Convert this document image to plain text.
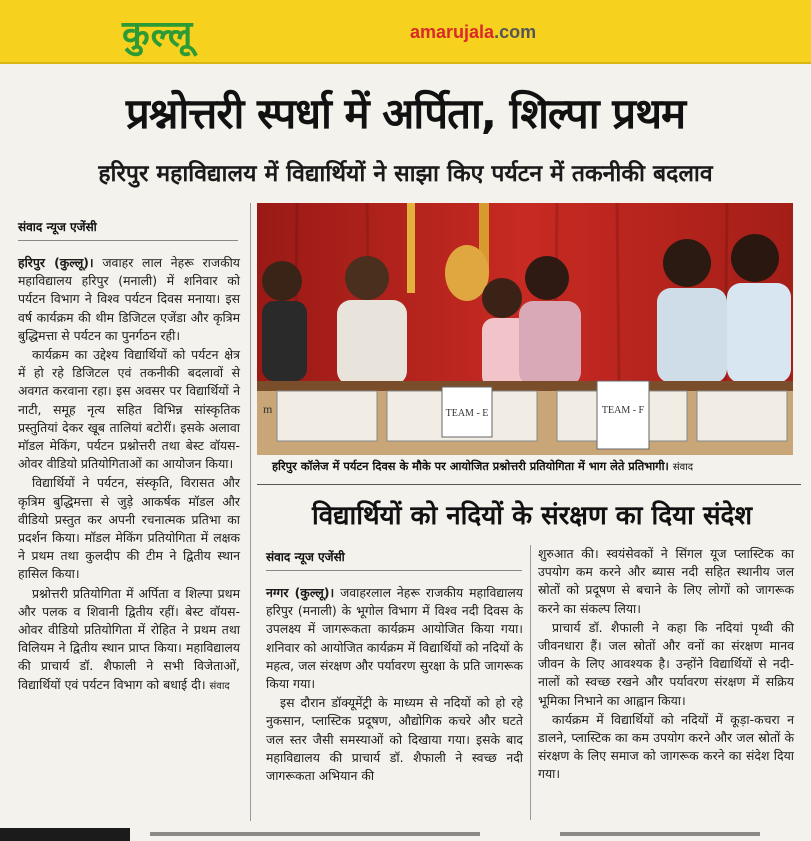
कुल्लू	amarujala.com
प्रश्नोत्तरी स्पर्धा में अर्पिता, शिल्पा प्रथम
हरिपुर महाविद्यालय में विद्यार्थियों ने साझा किए पर्यटन में तकनीकी बदलाव
संवाद न्यूज एजेंसी

हरिपुर (कुल्लू)। जवाहर लाल नेहरू राजकीय महाविद्यालय हरिपुर (मनाली) में शनिवार को पर्यटन विभाग ने विश्व पर्यटन दिवस मनाया। इस वर्ष कार्यक्रम की थीम डिजिटल एजेंडा और कृत्रिम बुद्धिमत्ता से पर्यटन का पुनर्गठन रही।

कार्यक्रम का उद्देश्य विद्यार्थियों को पर्यटन क्षेत्र में हो रहे डिजिटल एवं तकनीकी बदलावों से अवगत करवाना रहा। इस अवसर पर विद्यार्थियों ने नाटी, समूह नृत्य सहित विभिन्न सांस्कृतिक प्रस्तुतियां देकर खूब तालियां बटोरीं। इसके अलावा मॉडल मेकिंग, पर्यटन प्रश्नोत्तरी तथा बेस्ट वॉयस-ओवर वीडियो प्रतियोगिताओं का आयोजन किया।

विद्यार्थियों ने पर्यटन, संस्कृति, विरासत और कृत्रिम बुद्धिमत्ता से जुड़े आकर्षक मॉडल और वीडियो प्रस्तुत कर अपनी रचनात्मक प्रतिभा का प्रदर्शन किया। मॉडल मेकिंग प्रतियोगिता में लक्षक ने प्रथम तथा कुलदीप की टीम ने द्वितीय स्थान हासिल किया।

प्रश्नोत्तरी प्रतियोगिता में अर्पिता व शिल्पा प्रथम और पलक व शिवानी द्वितीय रहीं। बेस्ट वॉयस-ओवर वीडियो प्रतियोगिता में रोहित ने प्रथम तथा विलियम ने द्वितीय स्थान प्राप्त किया। महाविद्यालय की प्राचार्य डॉ. शैफाली ने सभी विजेताओं, विद्यार्थियों एवं पर्यटन विभाग को बधाई दी। संवाद

TEAM - E	TEAM - F
m
हरिपुर कॉलेज में पर्यटन दिवस के मौके पर आयोजित प्रश्नोत्तरी प्रतियोगिता में भाग लेते प्रतिभागी। संवाद
विद्यार्थियों को नदियों के संरक्षण का दिया संदेश
संवाद न्यूज एजेंसी

नग्गर (कुल्लू)। जवाहरलाल नेहरू राजकीय महाविद्यालय हरिपुर (मनाली) के भूगोल विभाग में विश्व नदी दिवस के उपलक्ष्य में जागरूकता कार्यक्रम आयोजित किया गया। शनिवार को आयोजित कार्यक्रम में विद्यार्थियों को नदियों के महत्व, जल संरक्षण और पर्यावरण सुरक्षा के प्रति जागरूक किया गया।

इस दौरान डॉक्यूमेंट्री के माध्यम से नदियों को हो रहे नुकसान, प्लास्टिक प्रदूषण, औद्योगिक कचरे और घटते जल स्तर जैसी समस्याओं को दिखाया गया। इसके बाद महाविद्यालय की प्राचार्य डॉ. शैफाली ने स्वच्छ नदी जागरूकता अभियान की

शुरुआत की। स्वयंसेवकों ने सिंगल यूज प्लास्टिक का उपयोग कम करने और ब्यास नदी सहित स्थानीय जल स्रोतों को प्रदूषण से बचाने के लिए लोगों को जागरूक करने का संकल्प लिया।

प्राचार्य डॉ. शैफाली ने कहा कि नदियां पृथ्वी की जीवनधारा हैं। जल स्रोतों और वनों का संरक्षण मानव जीवन के लिए आवश्यक है। उन्होंने विद्यार्थियों से नदी-नालों को स्वच्छ रखने और पर्यावरण संरक्षण में सक्रिय भूमिका निभाने का आह्वान किया।

कार्यक्रम में विद्यार्थियों को नदियों में कूड़ा-कचरा न डालने, प्लास्टिक का कम उपयोग करने और जल स्रोतों के संरक्षण के लिए समाज को जागरूक करने का संदेश दिया गया।
